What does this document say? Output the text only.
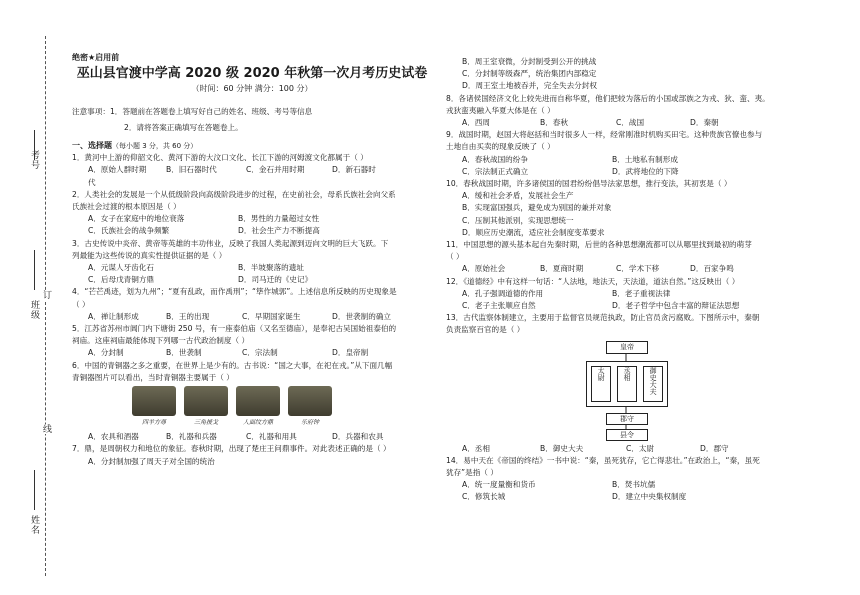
考号
班级
姓名
订
线
绝密★启用前
巫山县官渡中学高 2020 级 2020 年秋第一次月考历史试卷
（时间：60 分钟 满分：100 分）

注意事项：1．答题前在答题卷上填写好自己的姓名、班级、考号等信息

2．请将答案正确填写在答题卷上。

一、选择题（每小题 3 分，共 60 分）

1．黄河中上游的仰韶文化、黄河下游的大汶口文化、长江下游的河姆渡文化都属于（ ）

A．原始人群时期	B．旧石器时代	C．金石并用时期	D．新石器时

代

2．人类社会的发展是一个从低级阶段向高级阶段进步的过程，在史前社会，母系氏族社会向父系

氏族社会过渡的根本原因是（ ）

A．女子在家庭中的地位衰落	B．男性的力量超过女性

C．氏族社会的战争频繁	D．社会生产力不断提高

3．古史传说中炎帝、黄帝等英雄的丰功伟业，反映了我国人类起源到迈向文明的巨大飞跃。下

列最能为这些传说的真实性提供证据的是（ ）

A．元谋人牙齿化石	B．半坡聚落的遗址

C．后母戊青铜方鼎	D．司马迁的《史记》

4．“芒芒禹迹，划为九州”；“夏有乱政，而作禹刑”；“筚作城郭”。上述信息所反映的历史现象是

（ ）

A．禅让制形成	B．王的出现	C．早期国家诞生	D．世袭制的确立

5．江苏省苏州市阊门内下塘街 250 号，有一座泰伯庙（又名至德庙），是奉祀古吴国始祖泰伯的

祠庙。这座祠庙最能体现下列哪一古代政治制度（ ）

A．分封制	B．世袭制	C．宗法制	D．皇帝制

6．中国的青铜器之多之重要，在世界上是少有的。古书说：“国之大事，在祀在戎。”从下面几幅

青铜器图片可以看出，当时青铜器主要属于（ ）

四羊方尊	三角援戈	人面纹方鼎	乐府钟

A．农具和酒器	B．礼器和兵器	C．礼器和用具	D．兵器和农具

7．鼎，是周朝权力和地位的象征。春秋时期，出现了楚庄王问鼎事件。对此表述正确的是（ ）

A．分封制加强了周天子对全国的统治

B．周王室衰微，分封制受到公开的挑战

C．分封制等级森严，统治集团内部稳定

D．周王室土地被吞并，完全失去分封权

8．各诸侯国经济文化上较先进而自称华夏，他们把较为落后的小国或部族之为戎、狄、蛮、夷。

戎狄蛮夷融入华夏大体是在（ ）

A．西周	B．春秋	C．战国	D．秦朝

9．战国时期，赵国大将赵括和当时很多人一样，经常刚准时机购买田宅。这种贵族官僚也参与

土地自由买卖的现象反映了（ ）

A．春秋战国的纷争	B．土地私有制形成

C．宗法制正式确立	D．武将地位的下降

10．春秋战国时期，许多诸侯国的国君纷纷倡导法家思想，推行变法，其初衷是（ ）

A．缓和社会矛盾，发展社会生产

B．实现富国强兵，避免成为别国的兼并对象

C．压制其他派别，实现思想统一

D．顺应历史潮流，适应社会制度变革要求

11．中国思想的源头基本起自先秦时期，后世的各种思想潮流都可以从哪里找到最初的萌芽

（ ）

A．原始社会	B．夏商时期	C．学术下移	D．百家争鸣

12．《道德经》中有这样一句话：“人法地，地法天，天法道，道法自然。”这反映出（ ）

A．孔子强调道德的作用	B．老子重视法律

C．老子主张顺应自然	D．老子哲学中包含丰富的辩证法思想

13．古代监察体制建立，主要用于监督官员规范执政，防止官员贪污腐败。下图所示中，秦朝

负责监察百官的是（ ）

皇帝
太尉	丞相	御史大夫
郡守
县令

A．丞相	B．御史大夫	C．太尉	D．郡守

14．易中天在《帝国的终结》一书中说：“秦，虽死犹存，它亡得悲壮。”在政治上，“秦，虽死

犹存”是指（ ）

A．统一度量衡和货币	B．焚书坑儒

C．修筑长城	D．建立中央集权制度
